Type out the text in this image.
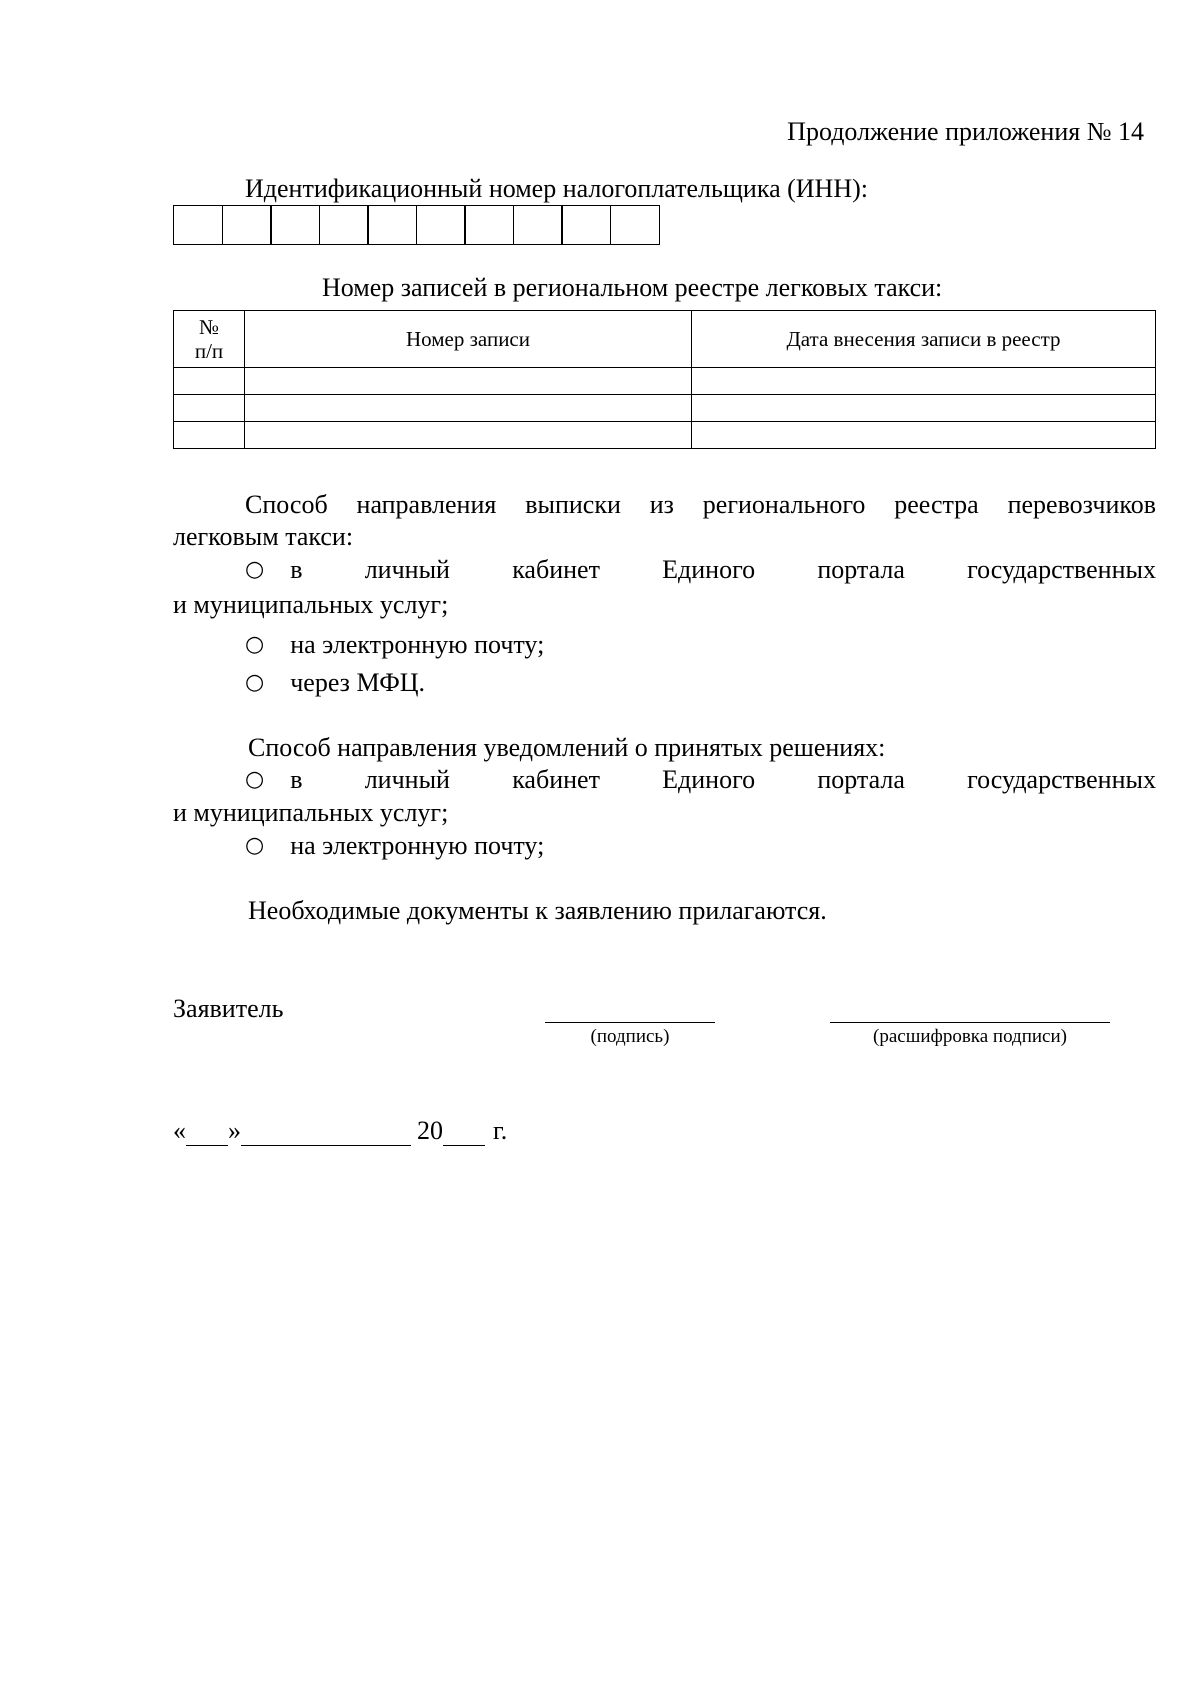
Продолжение приложения № 14
Идентификационный номер налогоплательщика (ИНН):
Номер записей в региональном реестре легковых такси:
№
п/п	Номер записи	Дата внесения записи в реестр

Способ направления выписки из регионального реестра перевозчиков
легковым такси:
○ в личный кабинет Единого портала государственных
и муниципальных услуг;
○ на электронную почту;
○ через МФЦ.
Способ направления уведомлений о принятых решениях:
○ в личный кабинет Единого портала государственных
и муниципальных услуг;
○ на электронную почту;
Необходимые документы к заявлению прилагаются.
Заявитель
(подпись)	(расшифровка подписи)
« »	20 г.
